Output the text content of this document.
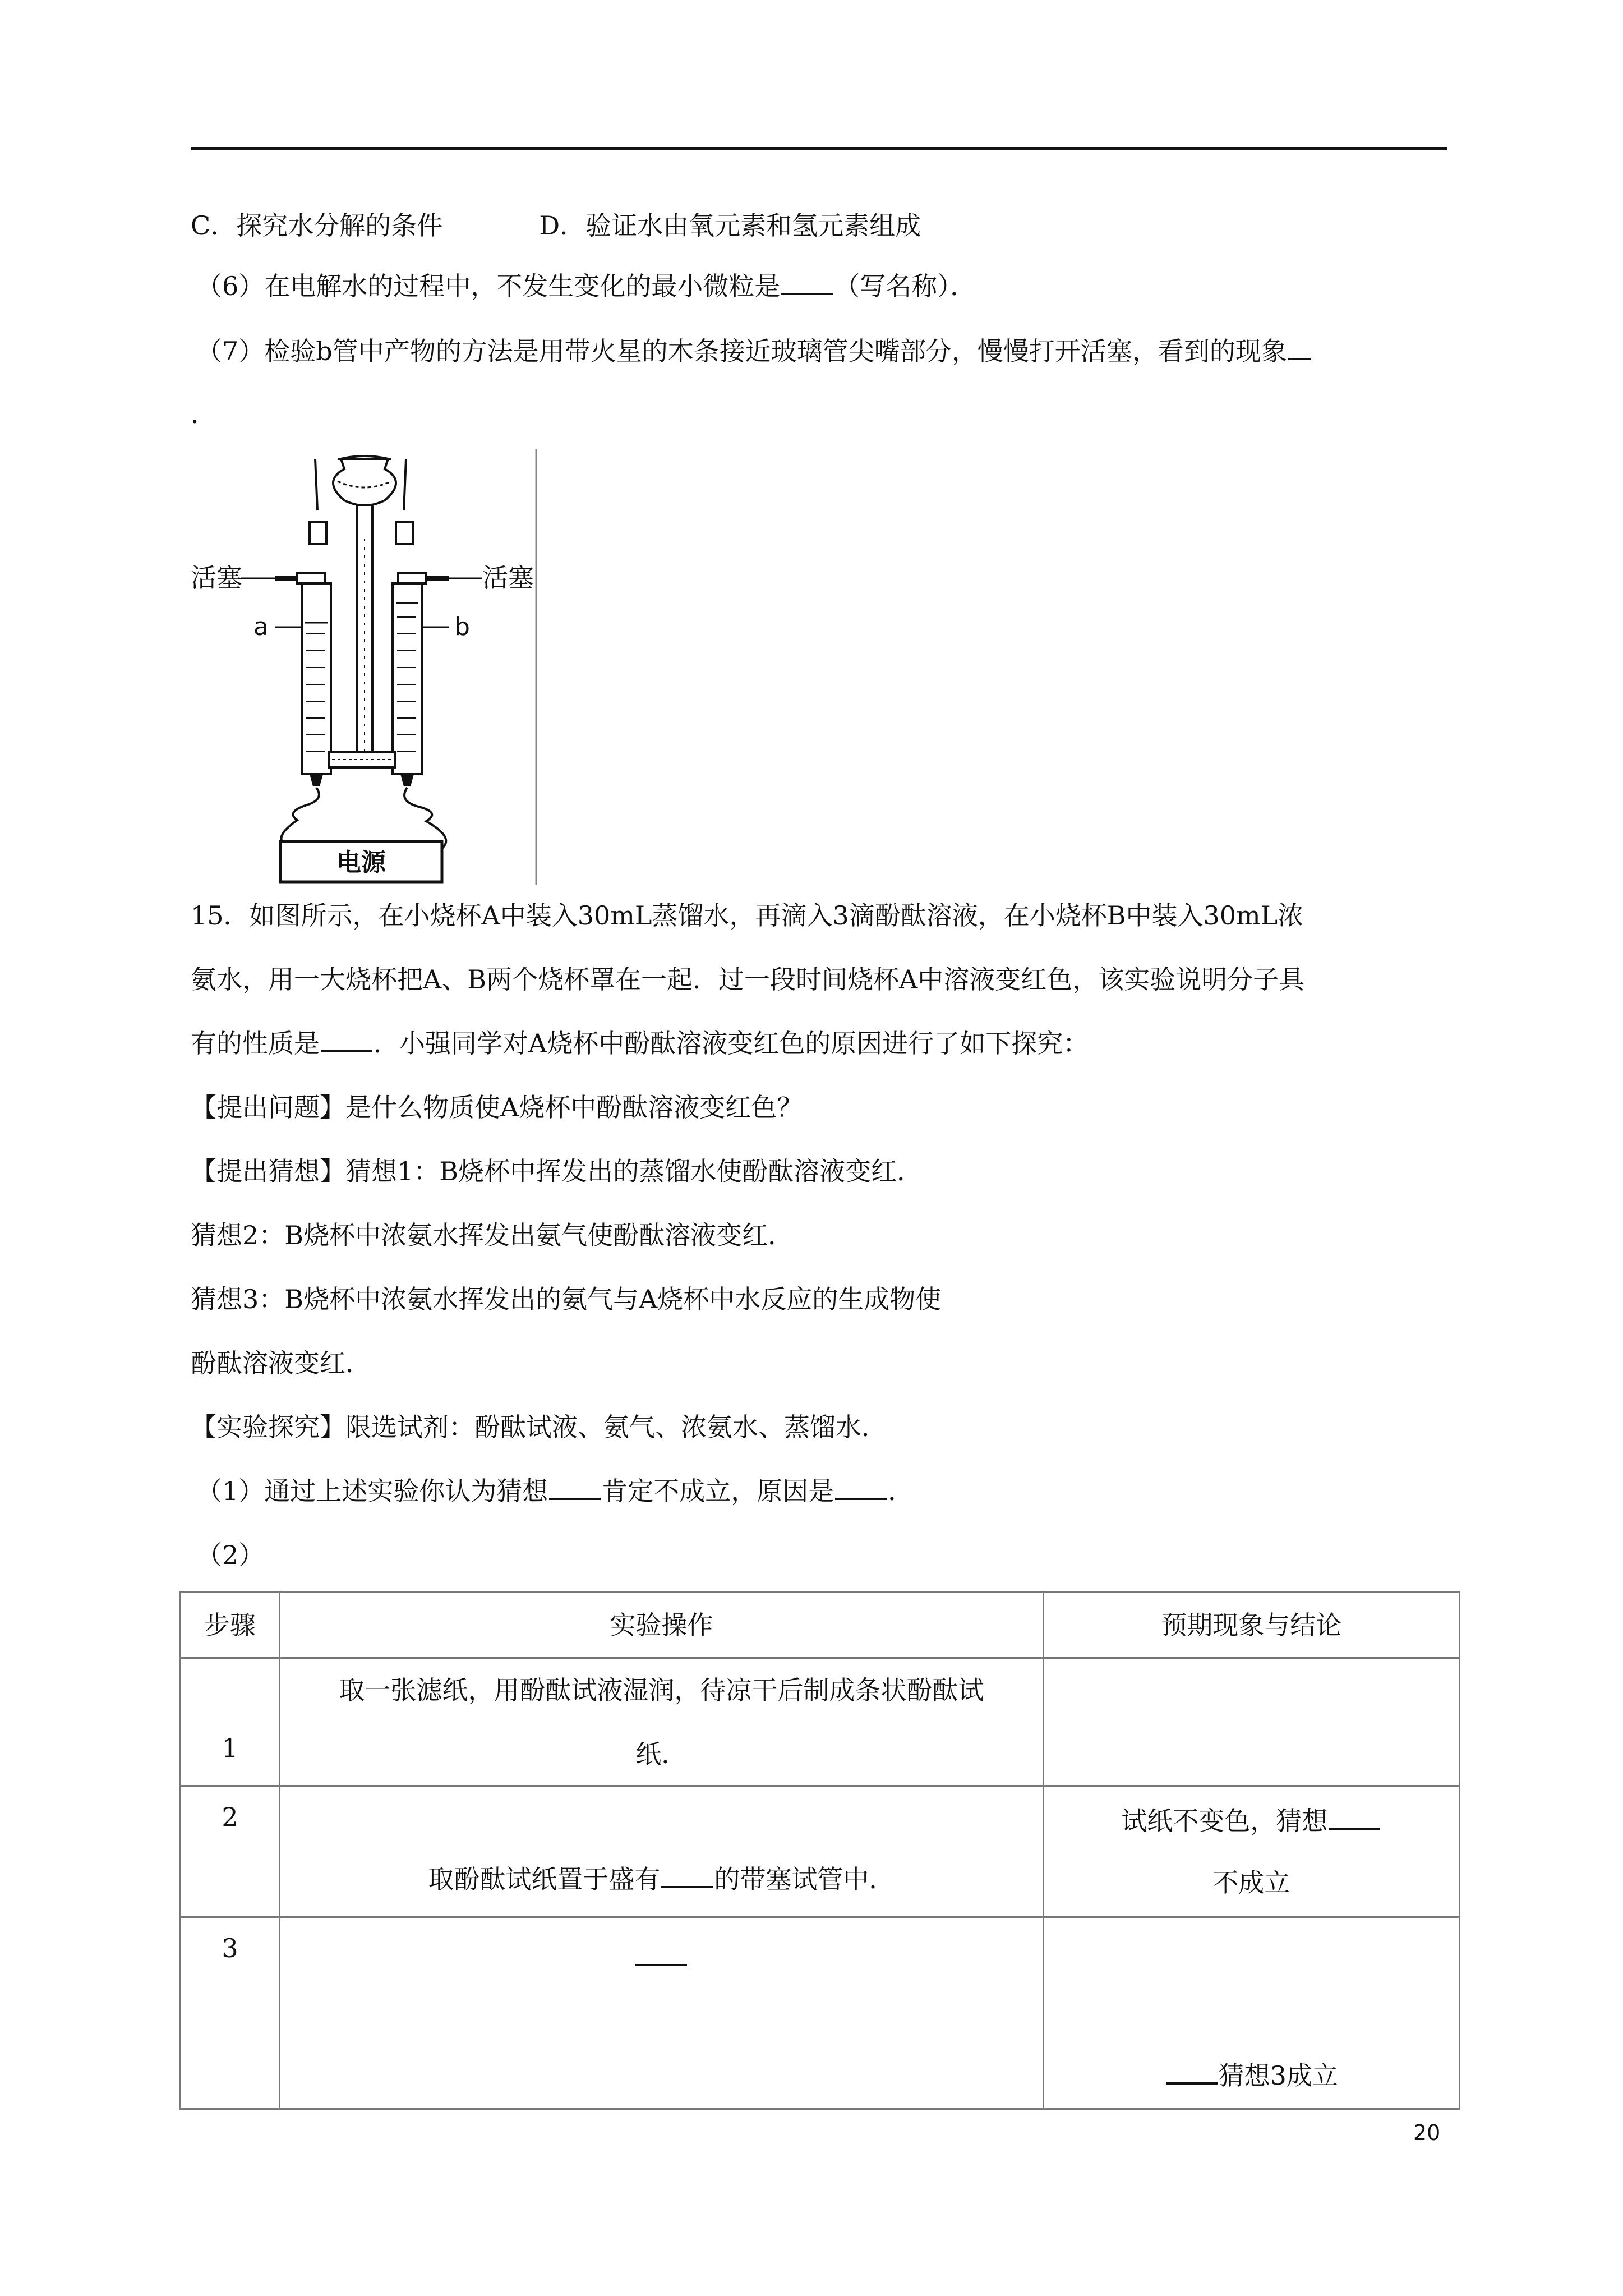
C．探究水分解的条件	D．验证水由氧元素和氢元素组成
（6）在电解水的过程中，不发生变化的最小微粒是 （写名称）．
（7）检验b管中产物的方法是用带火星的木条接近玻璃管尖嘴部分，慢慢打开活塞，看到的现象
．
电源
活塞	活塞
a	b
15．如图所示，在小烧杯A中装入30mL蒸馏水，再滴入3滴酚酞溶液，在小烧杯B中装入30mL浓
氨水，用一大烧杯把A、B两个烧杯罩在一起．过一段时间烧杯A中溶液变红色，该实验说明分子具
有的性质是 ．小强同学对A烧杯中酚酞溶液变红色的原因进行了如下探究：
【提出问题】是什么物质使A烧杯中酚酞溶液变红色？
【提出猜想】猜想1：B烧杯中挥发出的蒸馏水使酚酞溶液变红．
猜想2：B烧杯中浓氨水挥发出氨气使酚酞溶液变红．
猜想3：B烧杯中浓氨水挥发出的氨气与A烧杯中水反应的生成物使
酚酞溶液变红．
【实验探究】限选试剂：酚酞试液、氨气、浓氨水、蒸馏水．
（1）通过上述实验你认为猜想 肯定不成立，原因是 ．
（2）
步骤	实验操作	预期现象与结论
1	取一张滤纸，用酚酞试液湿润，待凉干后制成条状酚酞试
纸．	

2	取酚酞试纸置于盛有 的带塞试管中．	试纸不变色，猜想
不成立

3		猜想3成立
20
